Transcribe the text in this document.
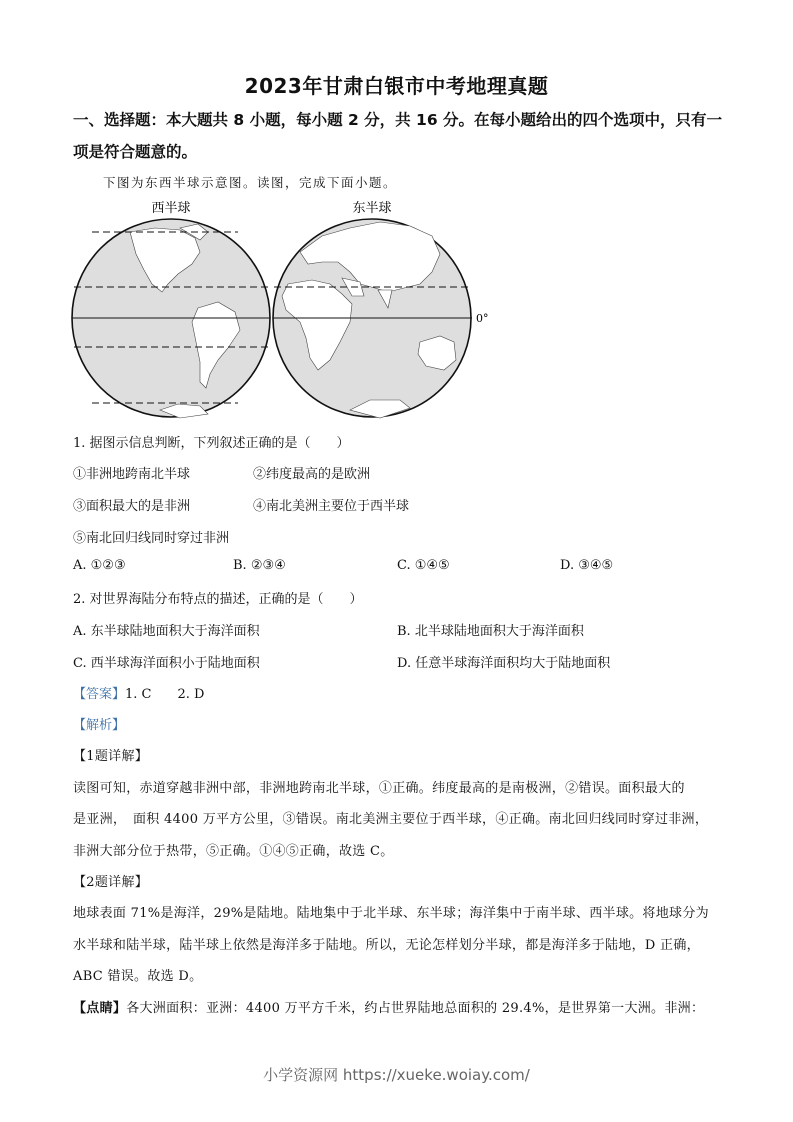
2023年甘肃白银市中考地理真题
一、选择题：本大题共 8 小题，每小题 2 分，共 16 分。在每小题给出的四个选项中，只有一
项是符合题意的。
下图为东西半球示意图。读图，完成下面小题。
西半球	东半球
0°
1. 据图示信息判断，下列叙述正确的是（　　）
①非洲地跨南北半球	②纬度最高的是欧洲
③面积最大的是非洲	④南北美洲主要位于西半球
⑤南北回归线同时穿过非洲
A. ①②③	B. ②③④	C. ①④⑤	D. ③④⑤
2. 对世界海陆分布特点的描述，正确的是（　　）
A. 东半球陆地面积大于海洋面积	B. 北半球陆地面积大于海洋面积
C. 西半球海洋面积小于陆地面积	D. 任意半球海洋面积均大于陆地面积
【答案】1. C　　2. D
【解析】
【1题详解】
读图可知，赤道穿越非洲中部，非洲地跨南北半球，①正确。纬度最高的是南极洲，②错误。面积最大的
是亚洲，　面积 4400 万平方公里，③错误。南北美洲主要位于西半球，④正确。南北回归线同时穿过非洲，
非洲大部分位于热带，⑤正确。①④⑤正确，故选 C。
【2题详解】
地球表面 71%是海洋，29%是陆地。陆地集中于北半球、东半球；海洋集中于南半球、西半球。将地球分为
水半球和陆半球，陆半球上依然是海洋多于陆地。所以，无论怎样划分半球，都是海洋多于陆地，D 正确，
ABC 错误。故选 D。
【点睛】各大洲面积：亚洲：4400 万平方千米，约占世界陆地总面积的 29.4%，是世界第一大洲。非洲：
小学资源网 https://xueke.woiay.com/
